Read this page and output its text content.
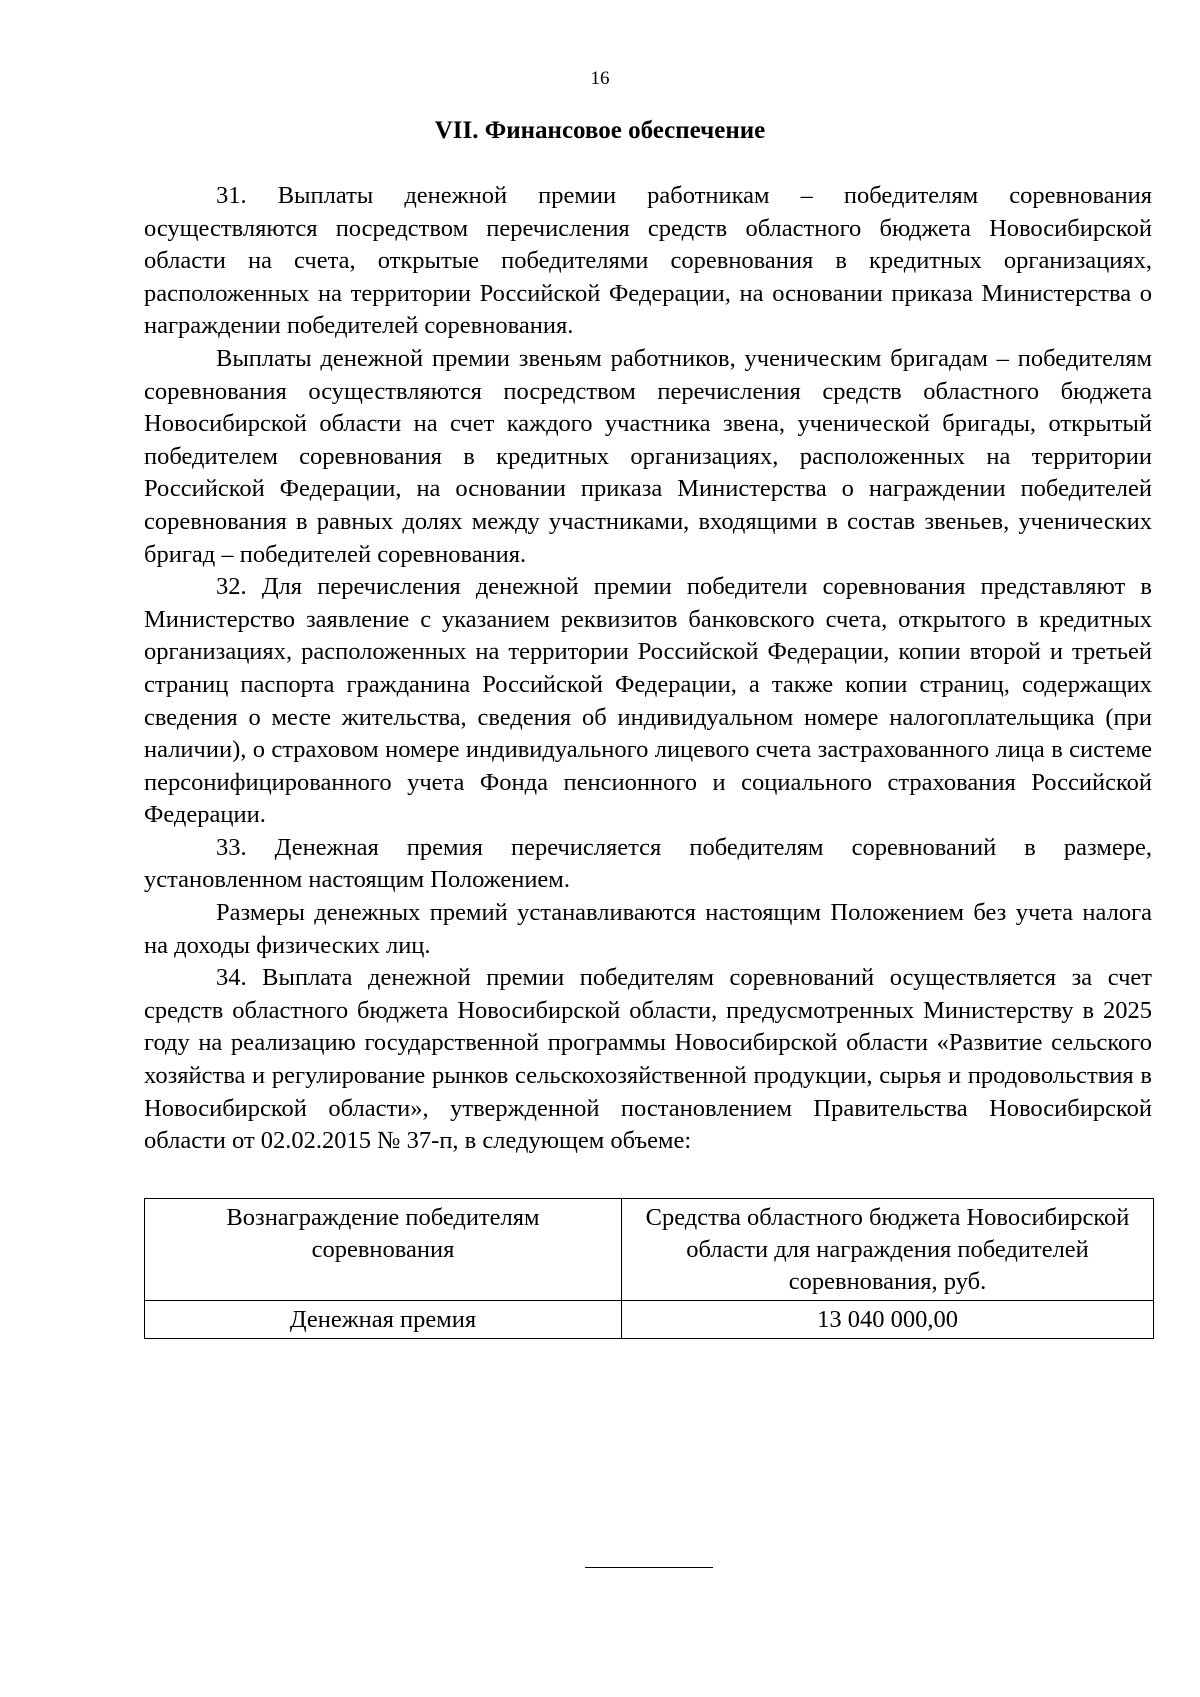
16
VII. Финансовое обеспечение

31. Выплаты денежной премии работникам – победителям соревнования осуществляются посредством перечисления средств областного бюджета Новосибирской области на счета, открытые победителями соревнования в кредитных организациях, расположенных на территории Российской Федерации, на основании приказа Министерства о награждении победителей соревнования.

Выплаты денежной премии звеньям работников, ученическим бригадам – победителям соревнования осуществляются посредством перечисления средств областного бюджета Новосибирской области на счет каждого участника звена, ученической бригады, открытый победителем соревнования в кредитных организациях, расположенных на территории Российской Федерации, на основании приказа Министерства о награждении победителей соревнования в равных долях между участниками, входящими в состав звеньев, ученических бригад – победителей соревнования.

32. Для перечисления денежной премии победители соревнования представляют в Министерство заявление с указанием реквизитов банковского счета, открытого в кредитных организациях, расположенных на территории Российской Федерации, копии второй и третьей страниц паспорта гражданина Российской Федерации, а также копии страниц, содержащих сведения о месте жительства, сведения об индивидуальном номере налогоплательщика (при наличии), о страховом номере индивидуального лицевого счета застрахованного лица в системе персонифицированного учета Фонда пенсионного и социального страхования Российской Федерации.

33. Денежная премия перечисляется победителям соревнований в размере, установленном настоящим Положением.

Размеры денежных премий устанавливаются настоящим Положением без учета налога на доходы физических лиц.

34. Выплата денежной премии победителям соревнований осуществляется за счет средств областного бюджета Новосибирской области, предусмотренных Министерству в 2025 году на реализацию государственной программы Новосибирской области «Развитие сельского хозяйства и регулирование рынков сельскохозяйственной продукции, сырья и продовольствия в Новосибирской области», утвержденной постановлением Правительства Новосибирской области от 02.02.2015 № 37-п, в следующем объеме:

Вознаграждение победителям соревнования	Средства областного бюджета Новосибирской области для награждения победителей соревнования, руб.
Денежная премия	13 040 000,00
